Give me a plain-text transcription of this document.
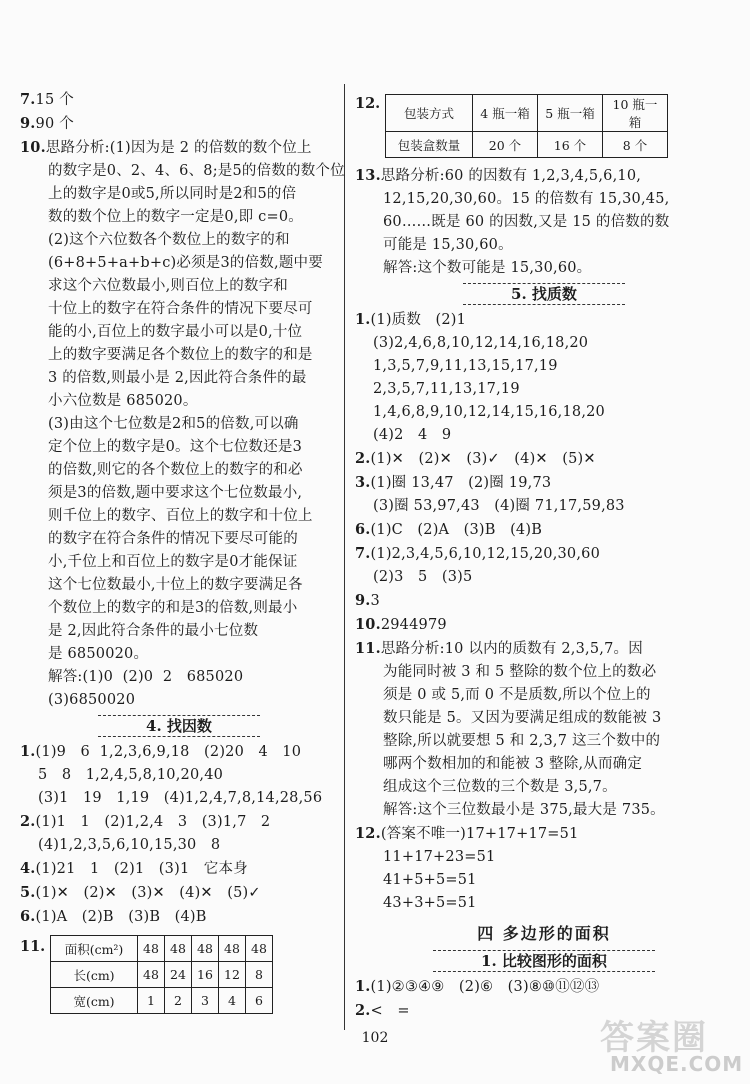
7.15 个
9.90 个
10.思路分析:(1)因为是 2 的倍数的数个位上
的数字是0、2、4、6、8;是5的倍数的数个位
上的数字是0或5,所以同时是2和5的倍
数的数个位上的数字一定是0,即 c=0。
(2)这个六位数各个数位上的数字的和
(6+8+5+a+b+c)必须是3的倍数,题中要
求这个六位数最小,则百位上的数字和
十位上的数字在符合条件的情况下要尽可
能的小,百位上的数字最小可以是0,十位
上的数字要满足各个数位上的数字的和是
3 的倍数,则最小是 2,因此符合条件的最
小六位数是 685020。
(3)由这个七位数是2和5的倍数,可以确
定个位上的数字是0。这个七位数还是3
的倍数,则它的各个数位上的数字的和必
须是3的倍数,题中要求这个七位数最小,
则千位上的数字、百位上的数字和十位上
的数字在符合条件的情况下要尽可能的
小,千位上和百位上的数字是0才能保证
这个七位数最小,十位上的数字要满足各
个数位上的数字的和是3的倍数,则最小
是 2,因此符合条件的最小七位数
是 6850020。
解答:(1)0  (2)0  2   685020
(3)6850020
4. 找因数
1.(1)9   6  1,2,3,6,9,18   (2)20   4   10
5   8   1,2,4,5,8,10,20,40
(3)1   19   1,19   (4)1,2,4,7,8,14,28,56
2.(1)1   1   (2)1,2,4   3   (3)1,7   2
(4)1,2,3,5,6,10,15,30   8
4.(1)21   1   (2)1   (3)1   它本身
5.(1)✕   (2)✕   (3)✕   (4)✕   (5)✓
6.(1)A   (2)B   (3)B   (4)B
11.	面积(cm²)	48	48	48	48	48
长(cm)	48	24	16	12	8
宽(cm)	1	2	3	4	6
12.
包装方式	4 瓶一箱	5 瓶一箱	10 瓶一箱
包装盒数量	20 个	16 个	8 个
13.思路分析:60 的因数有 1,2,3,4,5,6,10,
12,15,20,30,60。15 的倍数有 15,30,45,
60……既是 60 的因数,又是 15 的倍数的数
可能是 15,30,60。
解答:这个数可能是 15,30,60。
5. 找质数
1.(1)质数   (2)1
(3)2,4,6,8,10,12,14,16,18,20
1,3,5,7,9,11,13,15,17,19
2,3,5,7,11,13,17,19
1,4,6,8,9,10,12,14,15,16,18,20
(4)2   4   9
2.(1)✕   (2)✕   (3)✓   (4)✕   (5)✕
3.(1)圈 13,47   (2)圈 19,73
(3)圈 53,97,43   (4)圈 71,17,59,83
6.(1)C   (2)A   (3)B   (4)B
7.(1)2,3,4,5,6,10,12,15,20,30,60
(2)3   5   (3)5
9.3
10.2944979
11.思路分析:10 以内的质数有 2,3,5,7。因
为能同时被 3 和 5 整除的数个位上的数必
须是 0 或 5,而 0 不是质数,所以个位上的
数只能是 5。又因为要满足组成的数能被 3
整除,所以就要想 5 和 2,3,7 这三个数中的
哪两个数相加的和能被 3 整除,从而确定
组成这个三位数的三个数是 3,5,7。
解答:这个三位数最小是 375,最大是 735。
12.(答案不唯一)17+17+17=51
11+17+23=51
41+5+5=51
43+3+5=51
四 多边形的面积
1. 比较图形的面积
1.(1)②③④⑨   (2)⑥   (3)⑧⑩⑪⑫⑬
2.<   =
102	答案圈
MXQE.COM
